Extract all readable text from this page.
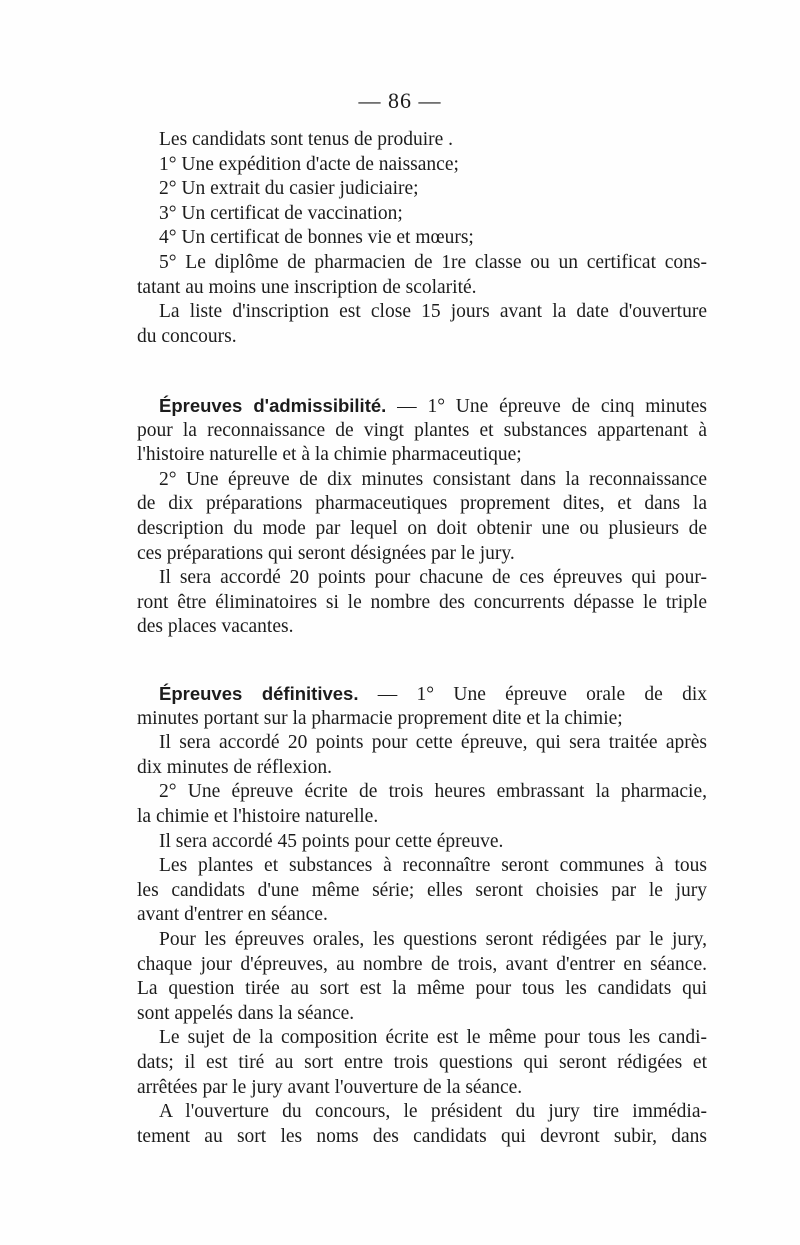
— 86 —
Les candidats sont tenus de produire .
1° Une expédition d'acte de naissance;
2° Un extrait du casier judiciaire;
3° Un certificat de vaccination;
4° Un certificat de bonnes vie et mœurs;
5° Le diplôme de pharmacien de 1re classe ou un certificat cons-
tatant au moins une inscription de scolarité.
La liste d'inscription est close 15 jours avant la date d'ouverture
du concours.
Épreuves d'admissibilité. — 1° Une épreuve de cinq minutes
pour la reconnaissance de vingt plantes et substances appartenant à
l'histoire naturelle et à la chimie pharmaceutique;
2° Une épreuve de dix minutes consistant dans la reconnaissance
de dix préparations pharmaceutiques proprement dites, et dans la
description du mode par lequel on doit obtenir une ou plusieurs de
ces préparations qui seront désignées par le jury.
Il sera accordé 20 points pour chacune de ces épreuves qui pour-
ront être éliminatoires si le nombre des concurrents dépasse le triple
des places vacantes.
Épreuves définitives. — 1° Une épreuve orale de dix
minutes portant sur la pharmacie proprement dite et la chimie;
Il sera accordé 20 points pour cette épreuve, qui sera traitée après
dix minutes de réflexion.
2° Une épreuve écrite de trois heures embrassant la pharmacie,
la chimie et l'histoire naturelle.
Il sera accordé 45 points pour cette épreuve.
Les plantes et substances à reconnaître seront communes à tous
les candidats d'une même série; elles seront choisies par le jury
avant d'entrer en séance.
Pour les épreuves orales, les questions seront rédigées par le jury,
chaque jour d'épreuves, au nombre de trois, avant d'entrer en séance.
La question tirée au sort est la même pour tous les candidats qui
sont appelés dans la séance.
Le sujet de la composition écrite est le même pour tous les candi-
dats; il est tiré au sort entre trois questions qui seront rédigées et
arrêtées par le jury avant l'ouverture de la séance.
A l'ouverture du concours, le président du jury tire immédia-
tement au sort les noms des candidats qui devront subir, dans
